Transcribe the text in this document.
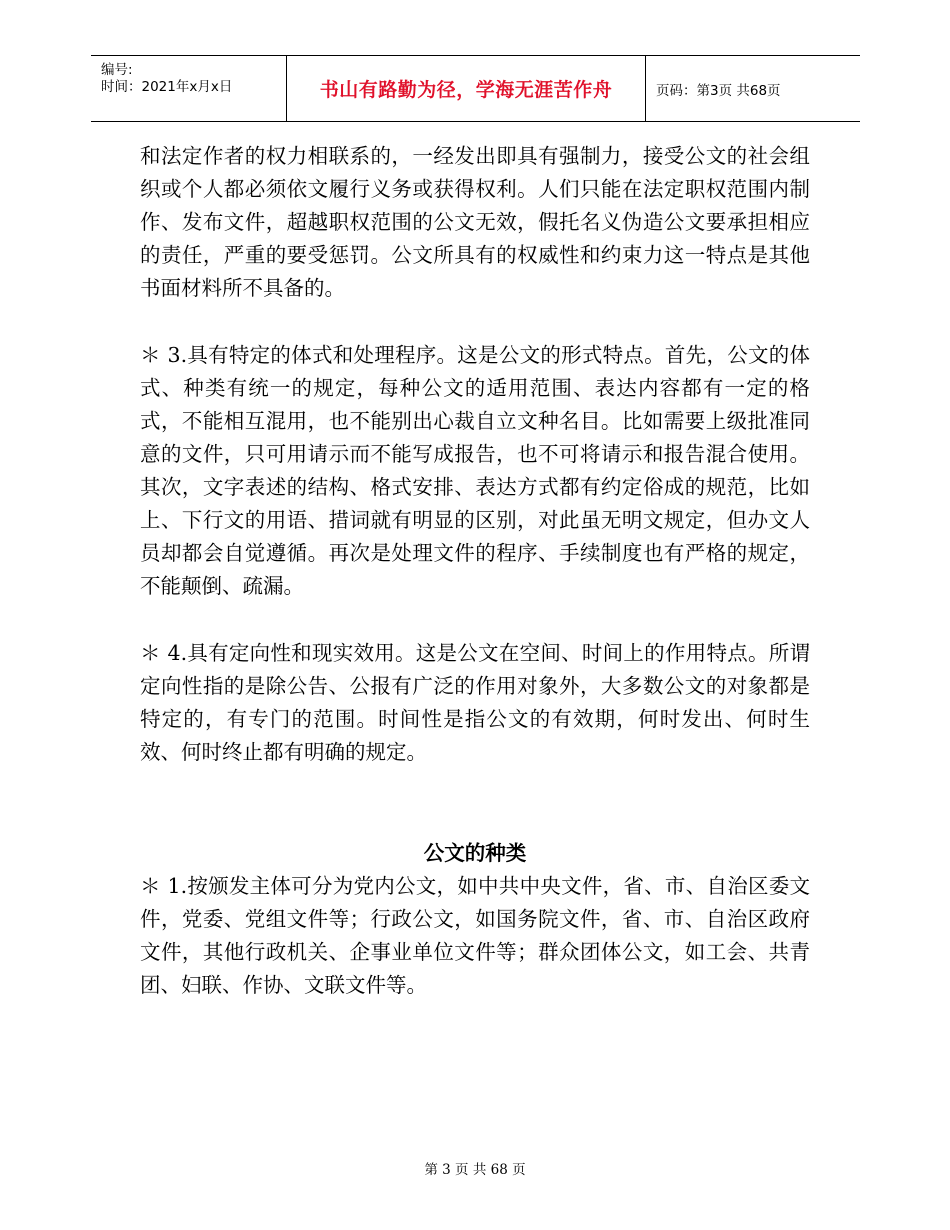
编号:
时间：2021年x月x日	书山有路勤为径，学海无涯苦作舟	页码：第3页 共68页

和法定作者的权力相联系的，一经发出即具有强制力，接受公文的社会组织或个人都必须依文履行义务或获得权利。人们只能在法定职权范围内制作、发布文件，超越职权范围的公文无效，假托名义伪造公文要承担相应的责任，严重的要受惩罚。公文所具有的权威性和约束力这一特点是其他书面材料所不具备的。

＊ 3.具有特定的体式和处理程序。这是公文的形式特点。首先，公文的体式、种类有统一的规定，每种公文的适用范围、表达内容都有一定的格式，不能相互混用，也不能别出心裁自立文种名目。比如需要上级批准同意的文件，只可用请示而不能写成报告，也不可将请示和报告混合使用。其次，文字表述的结构、格式安排、表达方式都有约定俗成的规范，比如上、下行文的用语、措词就有明显的区别，对此虽无明文规定，但办文人员却都会自觉遵循。再次是处理文件的程序、手续制度也有严格的规定，不能颠倒、疏漏。

＊ 4.具有定向性和现实效用。这是公文在空间、时间上的作用特点。所谓定向性指的是除公告、公报有广泛的作用对象外，大多数公文的对象都是特定的，有专门的范围。时间性是指公文的有效期，何时发出、何时生效、何时终止都有明确的规定。

公文的种类

＊ 1.按颁发主体可分为党内公文，如中共中央文件，省、市、自治区委文件，党委、党组文件等；行政公文，如国务院文件，省、市、自治区政府文件，其他行政机关、企事业单位文件等；群众团体公文，如工会、共青团、妇联、作协、文联文件等。

第 3 页 共 68 页
